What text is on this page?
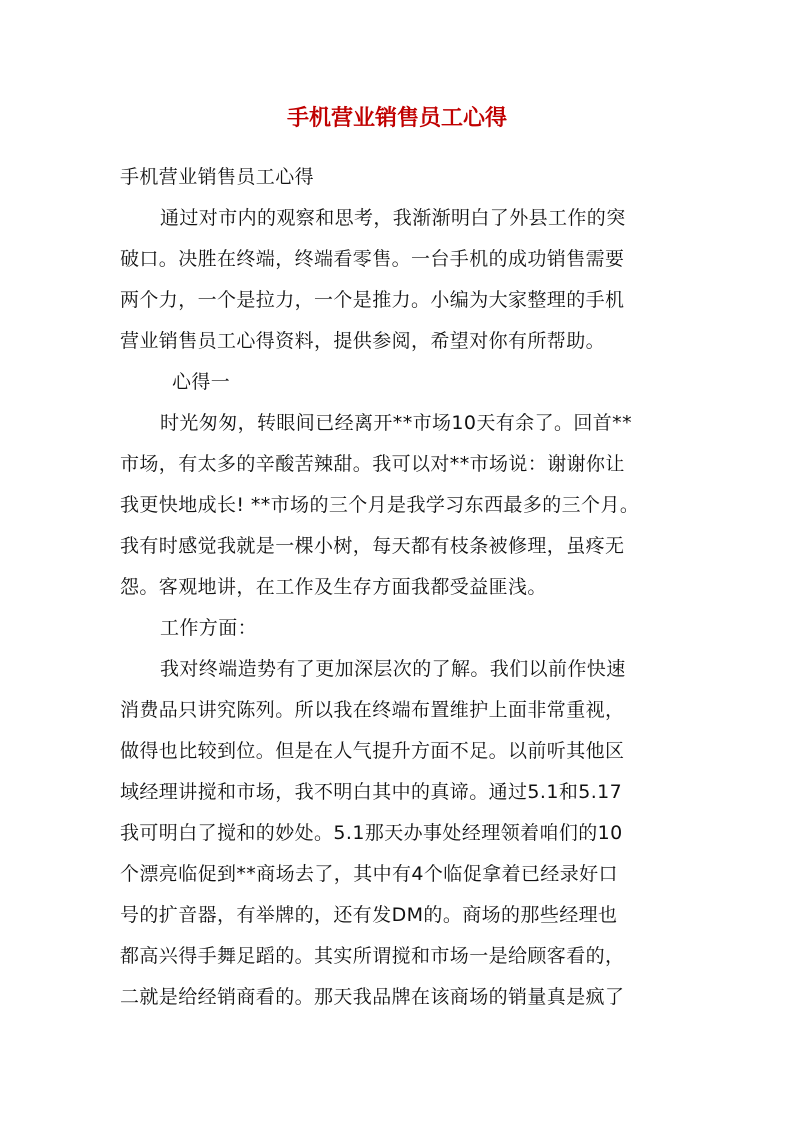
手机营业销售员工心得

手机营业销售员工心得

通过对市内的观察和思考，我渐渐明白了外县工作的突

破口。决胜在终端，终端看零售。一台手机的成功销售需要

两个力，一个是拉力，一个是推力。小编为大家整理的手机

营业销售员工心得资料，提供参阅，希望对你有所帮助。

心得一

时光匆匆，转眼间已经离开**市场10天有余了。回首**

市场，有太多的辛酸苦辣甜。我可以对**市场说：谢谢你让

我更快地成长! **市场的三个月是我学习东西最多的三个月。

我有时感觉我就是一棵小树，每天都有枝条被修理，虽疼无

怨。客观地讲，在工作及生存方面我都受益匪浅。

工作方面：

我对终端造势有了更加深层次的了解。我们以前作快速

消费品只讲究陈列。所以我在终端布置维护上面非常重视，

做得也比较到位。但是在人气提升方面不足。以前听其他区

域经理讲搅和市场，我不明白其中的真谛。通过5.1和5.17

我可明白了搅和的妙处。5.1那天办事处经理领着咱们的10

个漂亮临促到**商场去了，其中有4个临促拿着已经录好口

号的扩音器，有举牌的，还有发DM的。商场的那些经理也

都高兴得手舞足蹈的。其实所谓搅和市场一是给顾客看的，

二就是给经销商看的。那天我品牌在该商场的销量真是疯了
